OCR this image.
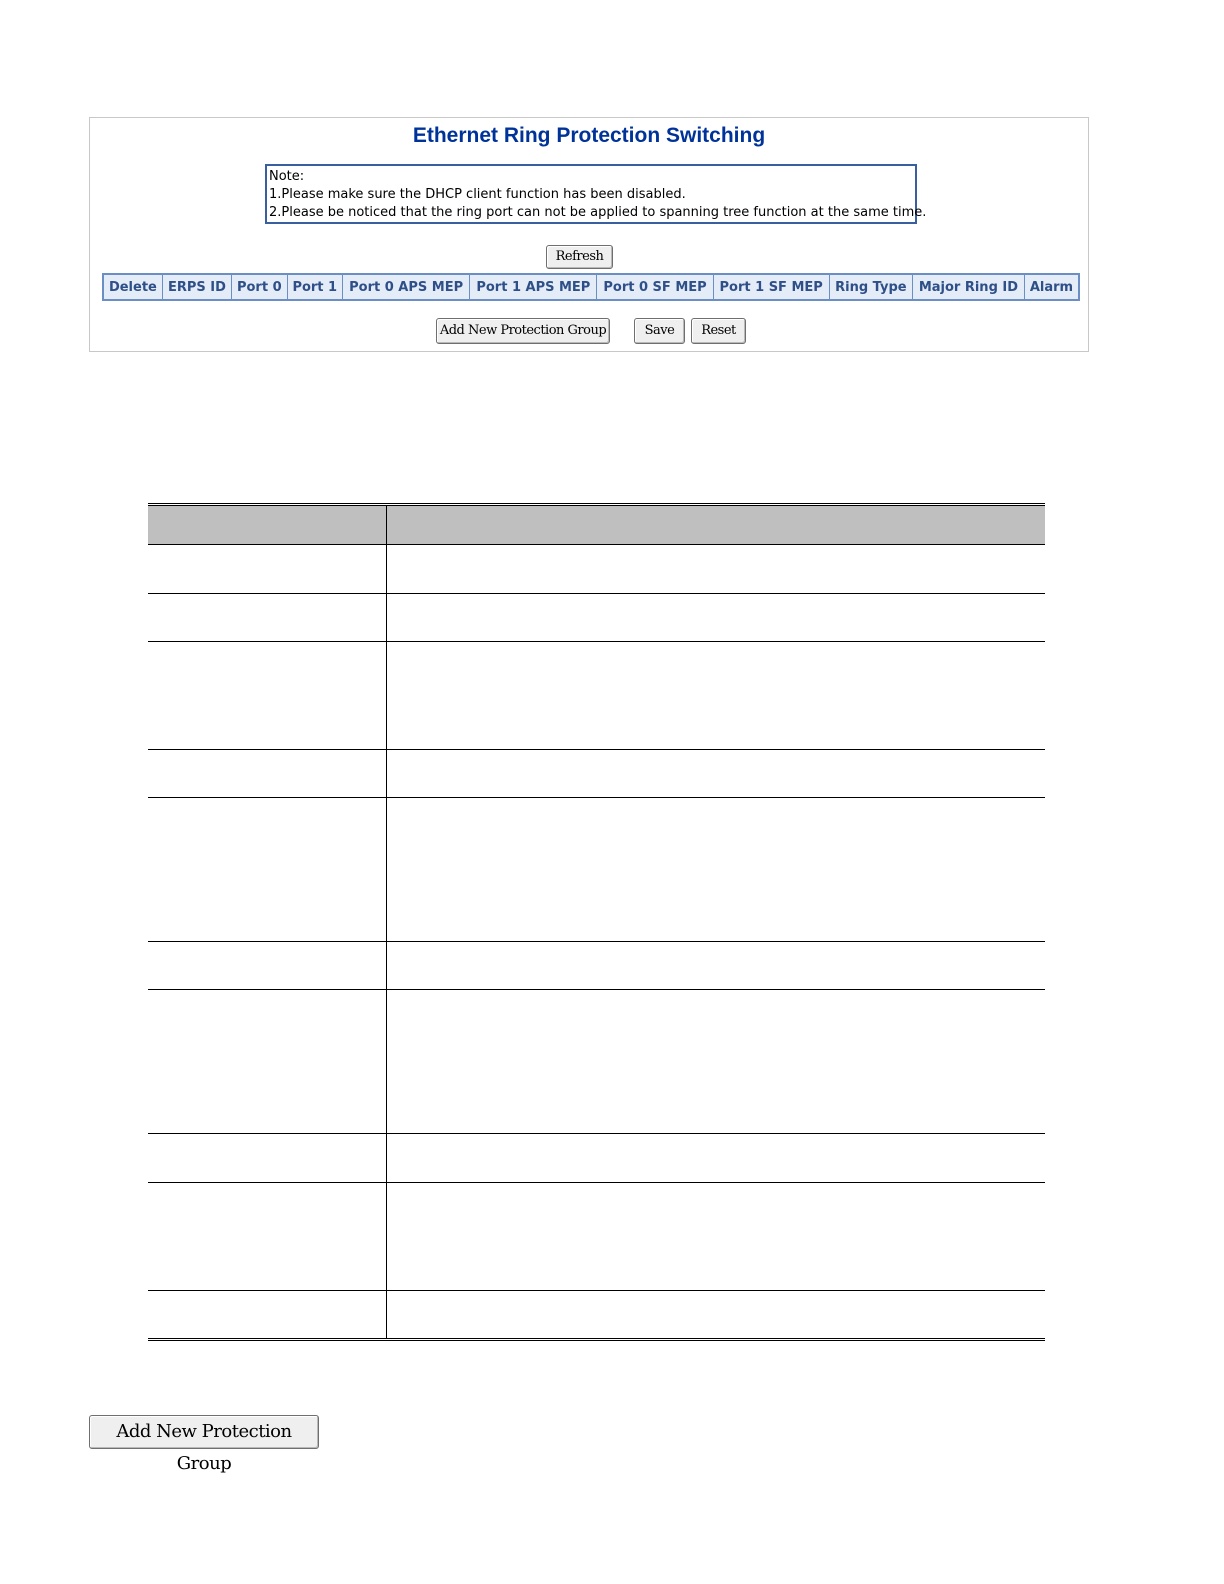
Ethernet Ring Protection Switching
Note:
1.Please make sure the DHCP client function has been disabled.
2.Please be noticed that the ring port can not be applied to spanning tree function at the same time.
Refresh
Delete	ERPS ID	Port 0	Port 1	Port 0 APS MEP	Port 1 APS MEP	Port 0 SF MEP	Port 1 SF MEP	Ring Type	Major Ring ID	Alarm
Add New Protection Group	Save	Reset
Add New Protection Group
